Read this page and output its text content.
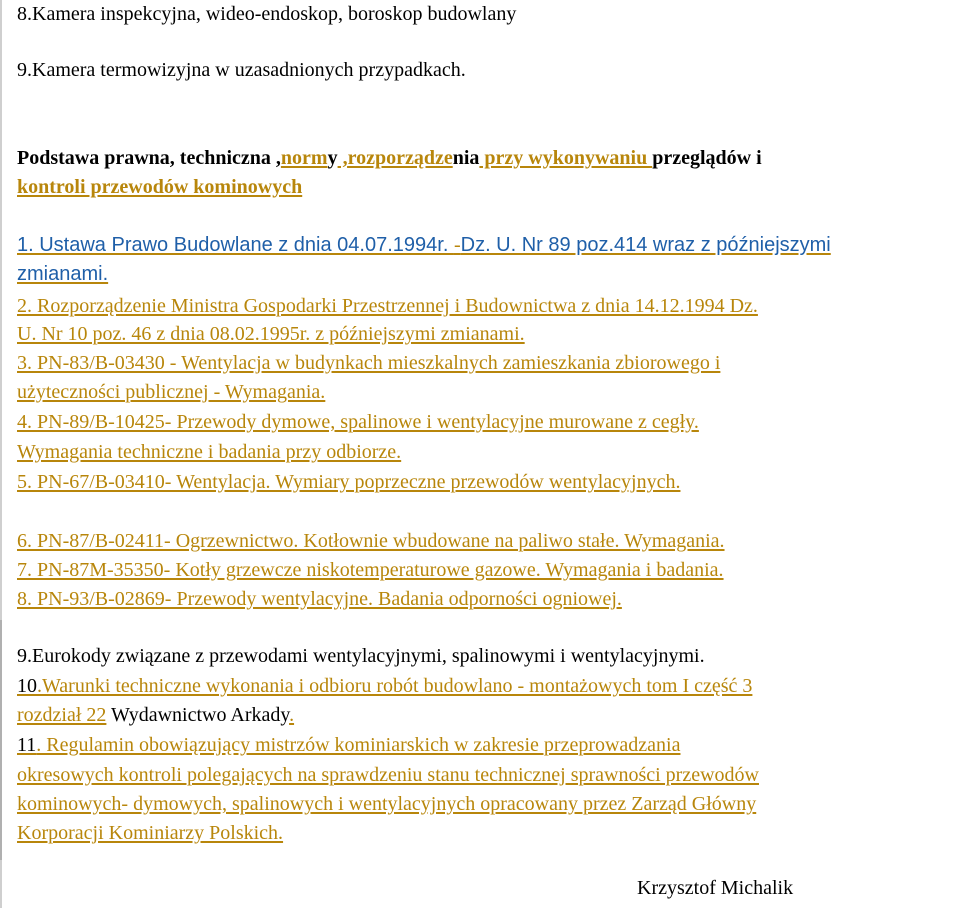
8.Kamera inspekcyjna, wideo-endoskop, boroskop budowlany
9.Kamera termowizyjna w uzasadnionych przypadkach.
Podstawa prawna, techniczna ,normy ,rozporządzenia przy wykonywaniu przeglądów i
kontroli przewodów kominowych
1. Ustawa Prawo Budowlane z dnia 04.07.1994r. -Dz. U. Nr 89 poz.414 wraz z późniejszymi
zmianami.
2. Rozporządzenie Ministra Gospodarki Przestrzennej i Budownictwa z dnia 14.12.1994 Dz.
U. Nr 10 poz. 46 z dnia 08.02.1995r. z późniejszymi zmianami.
3. PN-83/B-03430 - Wentylacja w budynkach mieszkalnych zamieszkania zbiorowego i
użyteczności publicznej - Wymagania.
4. PN-89/B-10425- Przewody dymowe, spalinowe i wentylacyjne murowane z cegły.
Wymagania techniczne i badania przy odbiorze.
5. PN-67/B-03410- Wentylacja. Wymiary poprzeczne przewodów wentylacyjnych.
6. PN-87/B-02411- Ogrzewnictwo. Kotłownie wbudowane na paliwo stałe. Wymagania.
7. PN-87M-35350- Kotły grzewcze niskotemperaturowe gazowe. Wymagania i badania.
8. PN-93/B-02869- Przewody wentylacyjne. Badania odporności ogniowej.
9.Eurokody związane z przewodami wentylacyjnymi, spalinowymi i wentylacyjnymi.
10.Warunki techniczne wykonania i odbioru robót budowlano - montażowych tom I część 3
rozdział 22 Wydawnictwo Arkady.
11. Regulamin obowiązujący mistrzów kominiarskich w zakresie przeprowadzania
okresowych kontroli polegających na sprawdzeniu stanu technicznej sprawności przewodów
kominowych- dymowych, spalinowych i wentylacyjnych opracowany przez Zarząd Główny
Korporacji Kominiarzy Polskich.
Krzysztof Michalik
